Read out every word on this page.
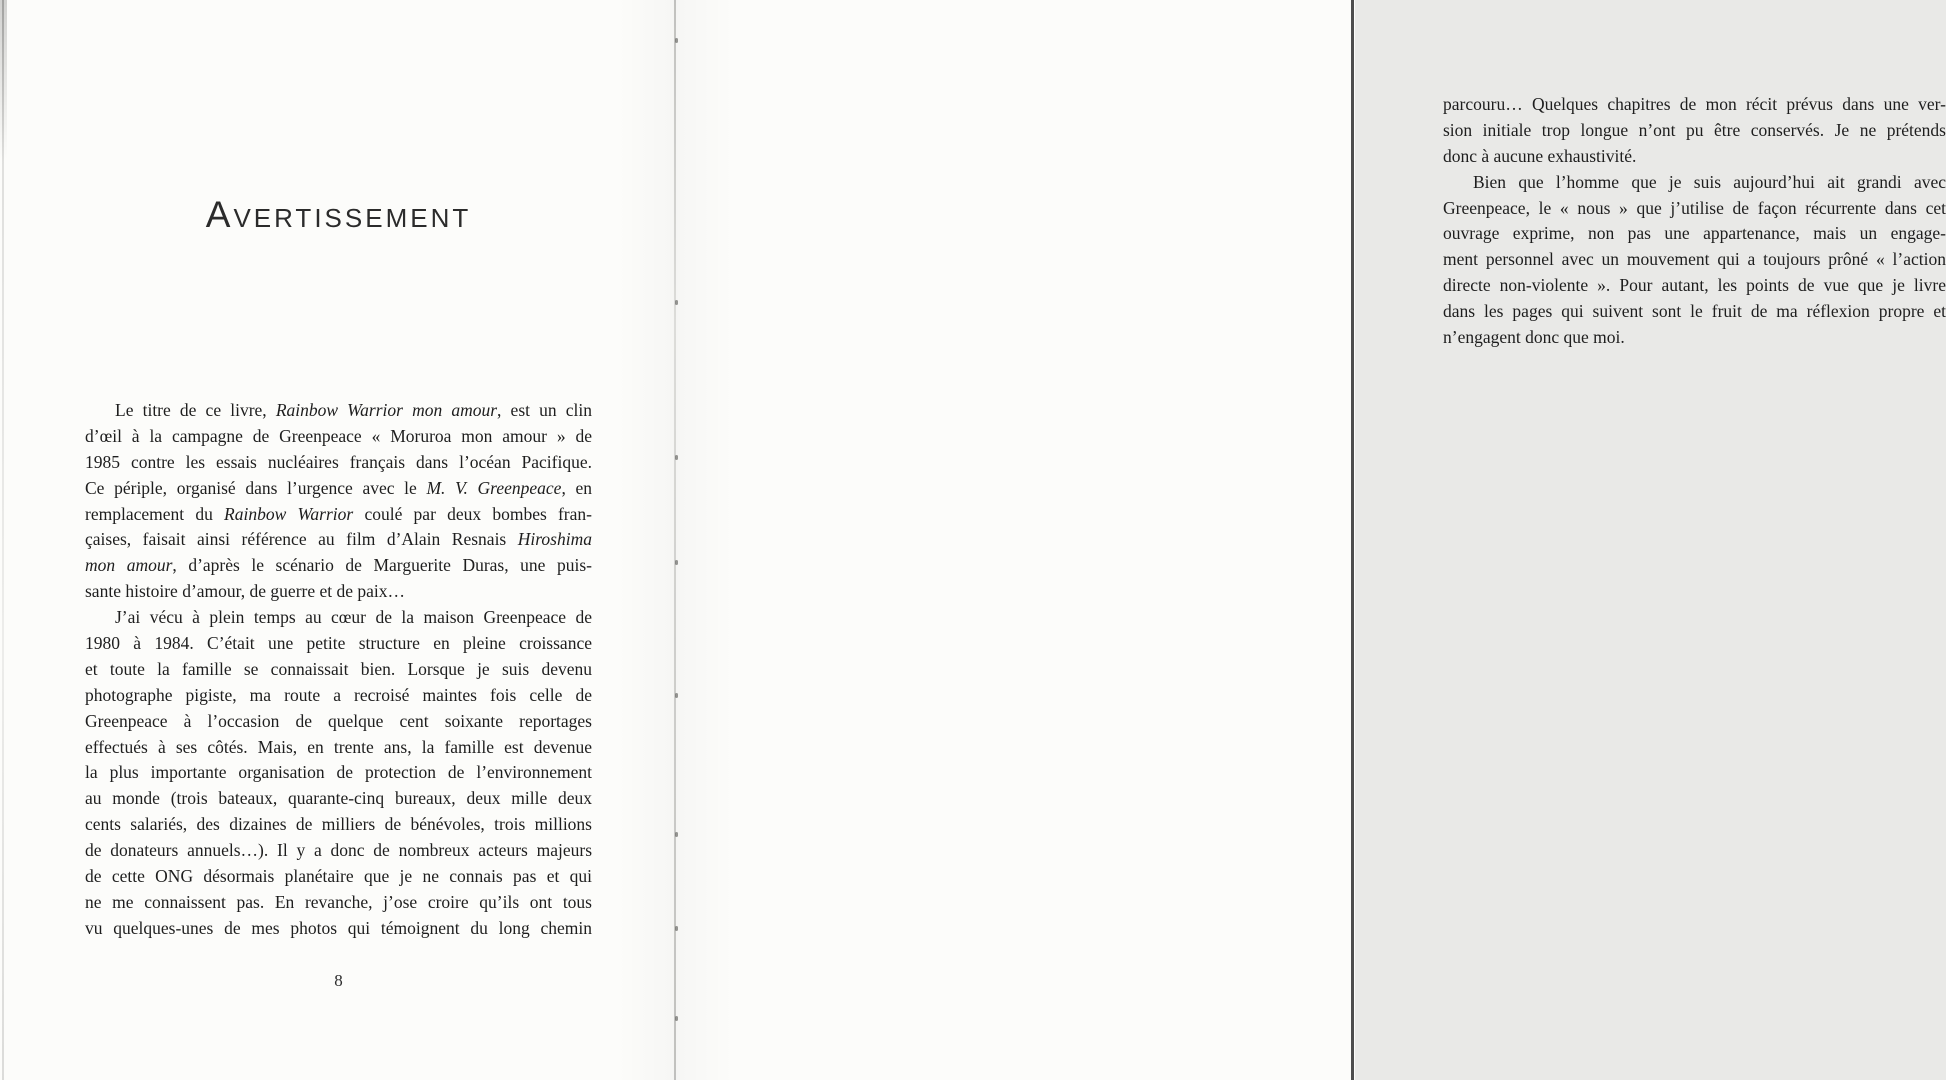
Avertissement
Le titre de ce livre, Rainbow Warrior mon amour, est un clin
d’œil à la campagne de Greenpeace « Moruroa mon amour » de
1985 contre les essais nucléaires français dans l’océan Pacifique.
Ce périple, organisé dans l’urgence avec le M. V. Greenpeace, en
remplacement du Rainbow Warrior coulé par deux bombes fran-
çaises, faisait ainsi référence au film d’Alain Resnais Hiroshima
mon amour, d’après le scénario de Marguerite Duras, une puis-
sante histoire d’amour, de guerre et de paix…
J’ai vécu à plein temps au cœur de la maison Greenpeace de
1980 à 1984. C’était une petite structure en pleine croissance
et toute la famille se connaissait bien. Lorsque je suis devenu
photographe pigiste, ma route a recroisé maintes fois celle de
Greenpeace à l’occasion de quelque cent soixante reportages
effectués à ses côtés. Mais, en trente ans, la famille est devenue
la plus importante organisation de protection de l’environnement
au monde (trois bateaux, quarante-cinq bureaux, deux mille deux
cents salariés, des dizaines de milliers de bénévoles, trois millions
de donateurs annuels…). Il y a donc de nombreux acteurs majeurs
de cette ONG désormais planétaire que je ne connais pas et qui
ne me connaissent pas. En revanche, j’ose croire qu’ils ont tous
vu quelques-unes de mes photos qui témoignent du long chemin
8
parcouru… Quelques chapitres de mon récit prévus dans une ver-
sion initiale trop longue n’ont pu être conservés. Je ne prétends
donc à aucune exhaustivité.
Bien que l’homme que je suis aujourd’hui ait grandi avec
Greenpeace, le « nous » que j’utilise de façon récurrente dans cet
ouvrage exprime, non pas une appartenance, mais un engage-
ment personnel avec un mouvement qui a toujours prôné « l’action
directe non-violente ». Pour autant, les points de vue que je livre
dans les pages qui suivent sont le fruit de ma réflexion propre et
n’engagent donc que moi.
